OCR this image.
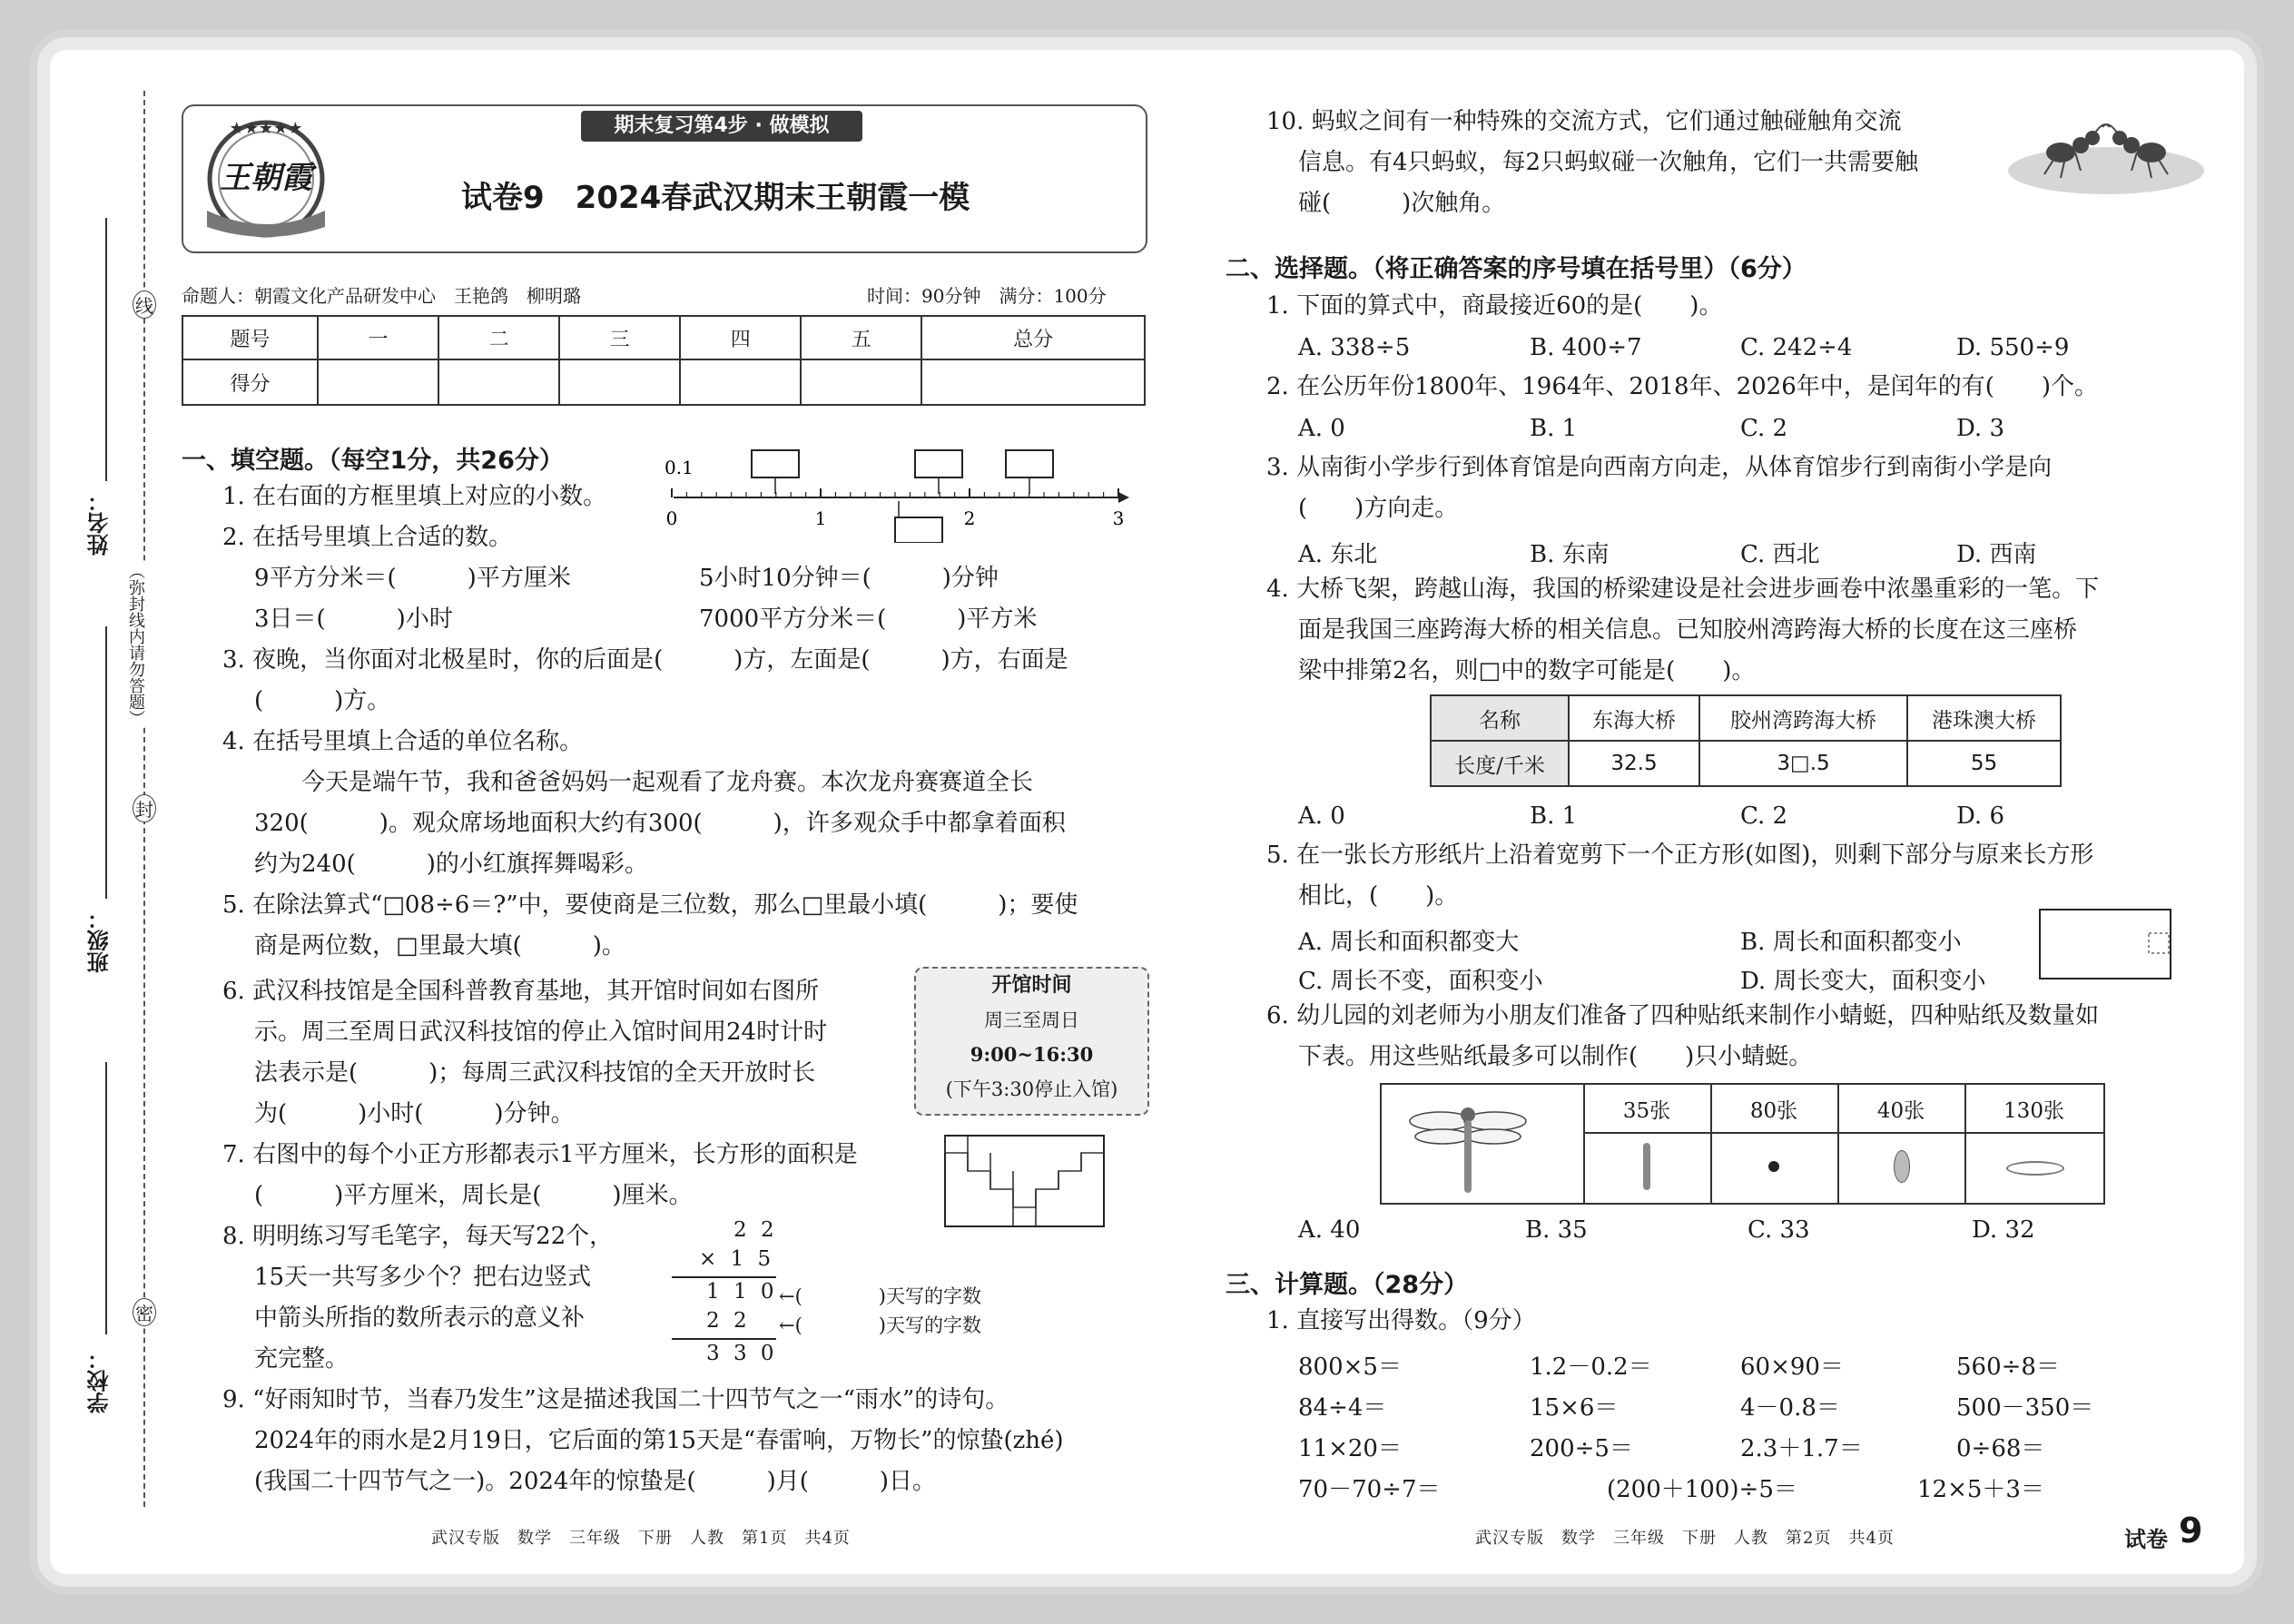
线
封
密
（弥封线内请勿答题）
姓名：
班级：
学校：
★★★★★
王朝霞
期末复习第4步 · 做模拟
试卷9　2024春武汉期末王朝霞一模
命题人：朝霞文化产品研发中心　王艳鸽　柳明璐	时间：90分钟　满分：100分
题号	一	二	三	四	五	总分
得分						
一、填空题。（每空1分，共26分）
1. 在右面的方框里填上对应的小数。
0.1
0	1	2	3
2. 在括号里填上合适的数。
9平方分米＝(　　　)平方厘米	5小时10分钟＝(　　　)分钟
3日＝(　　　)小时	7000平方分米＝(　　　)平方米
3. 夜晚，当你面对北极星时，你的后面是(　　　)方，左面是(　　　)方，右面是
(　　　)方。
4. 在括号里填上合适的单位名称。
今天是端午节，我和爸爸妈妈一起观看了龙舟赛。本次龙舟赛赛道全长
320(　　　)。观众席场地面积大约有300(　　　)，许多观众手中都拿着面积
约为240(　　　)的小红旗挥舞喝彩。
5. 在除法算式“□08÷6＝?”中，要使商是三位数，那么□里最小填(　　　)；要使
商是两位数，□里最大填(　　　)。
6. 武汉科技馆是全国科普教育基地，其开馆时间如右图所
示。周三至周日武汉科技馆的停止入馆时间用24时计时
法表示是(　　　)；每周三武汉科技馆的全天开放时长
为(　　　)小时(　　　)分钟。
开馆时间
周三至周日
9:00~16:30
(下午3:30停止入馆)
7. 右图中的每个小正方形都表示1平方厘米，长方形的面积是
(　　　)平方厘米，周长是(　　　)厘米。
8. 明明练习写毛笔字，每天写22个，
15天一共写多少个？把右边竖式
中箭头所指的数所表示的意义补
充完整。
2 2
× 1 5
1 1 0 ←(　　　　)天写的字数
2 2 ←(　　　　)天写的字数
3 3 0
9. “好雨知时节，当春乃发生”这是描述我国二十四节气之一“雨水”的诗句。
2024年的雨水是2月19日，它后面的第15天是“春雷响，万物长”的惊蛰(zhé)
(我国二十四节气之一)。2024年的惊蛰是(　　　)月(　　　)日。
武汉专版　数学　三年级　下册　人教　第1页　共4页
10. 蚂蚁之间有一种特殊的交流方式，它们通过触碰触角交流
信息。有4只蚂蚁，每2只蚂蚁碰一次触角，它们一共需要触
碰(　　　)次触角。
二、选择题。（将正确答案的序号填在括号里）（6分）
1. 下面的算式中，商最接近60的是(　　)。
A. 338÷5	B. 400÷7	C. 242÷4	D. 550÷9
2. 在公历年份1800年、1964年、2018年、2026年中，是闰年的有(　　)个。
A. 0	B. 1	C. 2	D. 3
3. 从南街小学步行到体育馆是向西南方向走，从体育馆步行到南街小学是向
(　　)方向走。
A. 东北	B. 东南	C. 西北	D. 西南
4. 大桥飞架，跨越山海，我国的桥梁建设是社会进步画卷中浓墨重彩的一笔。下
面是我国三座跨海大桥的相关信息。已知胶州湾跨海大桥的长度在这三座桥
梁中排第2名，则□中的数字可能是(　　)。
名称	东海大桥	胶州湾跨海大桥	港珠澳大桥
长度/千米	32.5	3□.5	55
A. 0	B. 1	C. 2	D. 6
5. 在一张长方形纸片上沿着宽剪下一个正方形(如图)，则剩下部分与原来长方形
相比，(　　)。
A. 周长和面积都变大	B. 周长和面积都变小
C. 周长不变，面积变小	D. 周长变大，面积变小
6. 幼儿园的刘老师为小朋友们准备了四种贴纸来制作小蜻蜓，四种贴纸及数量如
下表。用这些贴纸最多可以制作(　　)只小蜻蜓。
35张	80张	40张	130张
A. 40	B. 35	C. 33	D. 32
三、计算题。（28分）
1. 直接写出得数。（9分）
800×5＝	1.2－0.2＝	60×90＝	560÷8＝
84÷4＝	15×6＝	4－0.8＝	500－350＝
11×20＝	200÷5＝	2.3＋1.7＝	0÷68＝
70－70÷7＝	(200＋100)÷5＝	12×5＋3＝
武汉专版　数学　三年级　下册　人教　第2页　共4页	试卷 9
